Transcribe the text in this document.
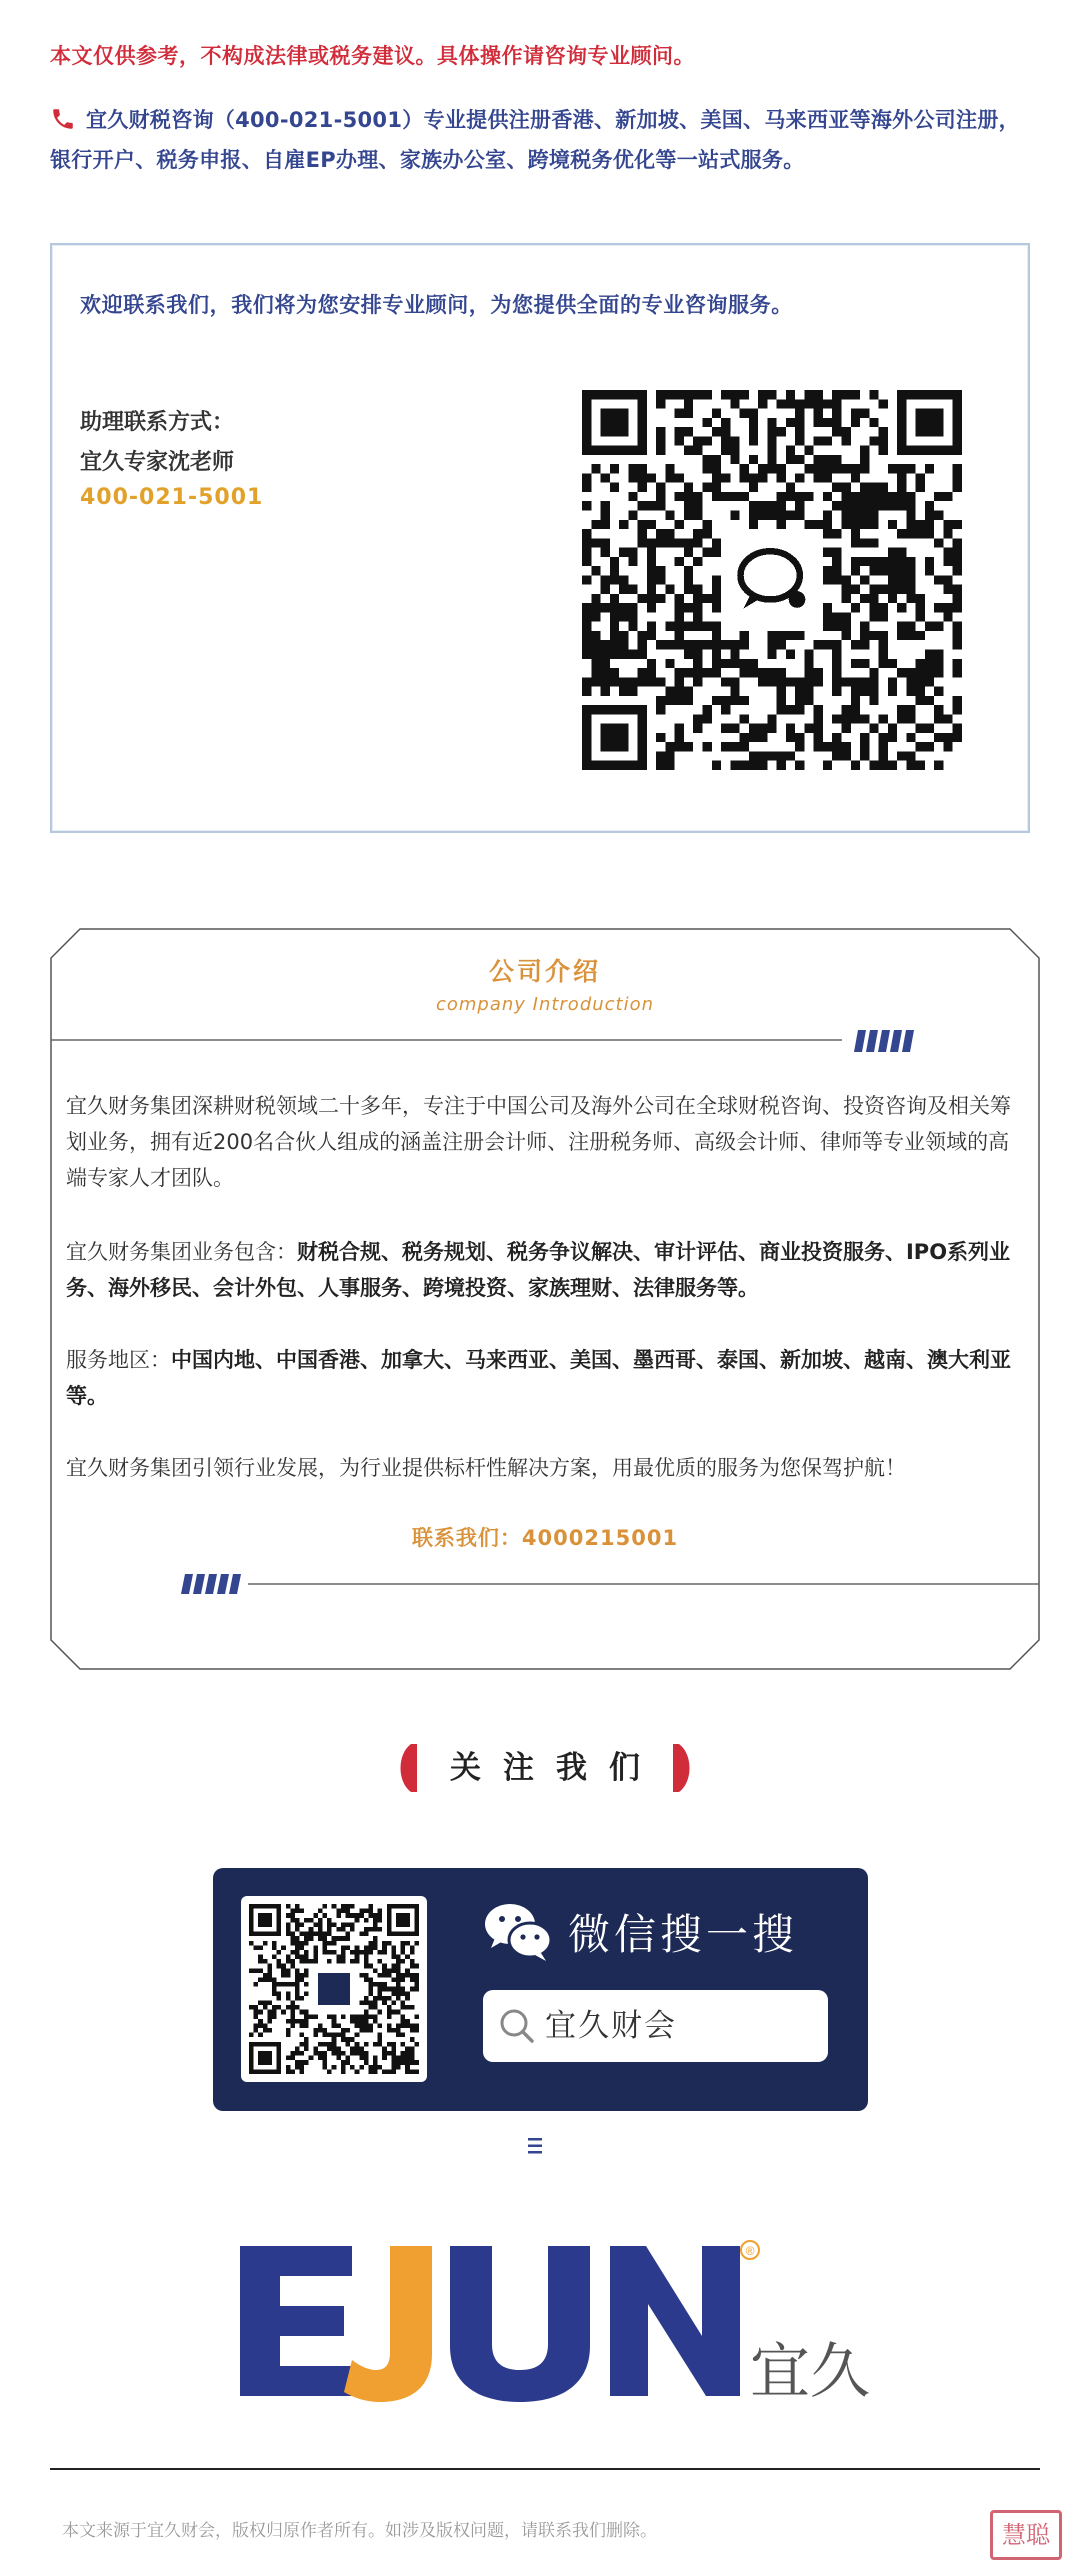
本文仅供参考，不构成法律或税务建议。具体操作请咨询专业顾问。
宜久财税咨询（400-021-5001）专业提供注册香港、新加坡、美国、马来西亚等海外公司注册，银行开户、税务申报、自雇EP办理、家族办公室、跨境税务优化等一站式服务。
欢迎联系我们，我们将为您安排专业顾问，为您提供全面的专业咨询服务。
助理联系方式：
宜久专家沈老师
400-021-5001
公司介绍
company Introduction
宜久财务集团深耕财税领域二十多年，专注于中国公司及海外公司在全球财税咨询、投资咨询及相关筹划业务，拥有近200名合伙人组成的涵盖注册会计师、注册税务师、高级会计师、律师等专业领域的高端专家人才团队。
宜久财务集团业务包含：财税合规、税务规划、税务争议解决、审计评估、商业投资服务、IPO系列业务、海外移民、会计外包、人事服务、跨境投资、家族理财、法律服务等。
服务地区：中国内地、中国香港、加拿大、马来西亚、美国、墨西哥、泰国、新加坡、越南、澳大利亚等。
宜久财务集团引领行业发展，为行业提供标杆性解决方案，用最优质的服务为您保驾护航！
联系我们：4000215001
关注我们
微信搜一搜
宜久财会
®
宜久
本文来源于宜久财会，版权归原作者所有。如涉及版权问题，请联系我们删除。	慧聪
